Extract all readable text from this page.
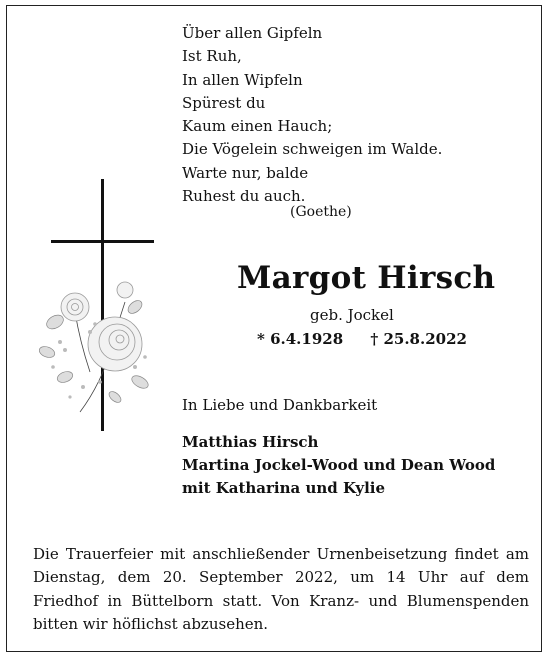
Über allen Gipfeln
Ist Ruh,
In allen Wipfeln
Spürest du
Kaum einen Hauch;
Die Vögelein schweigen im Walde.
Warte nur, balde
Ruhest du auch.
(Goethe)
Margot Hirsch
geb. Jockel
* 6.4.1928 † 25.8.2022
In Liebe und Dankbarkeit
Matthias Hirsch
Martina Jockel-Wood und Dean Wood
mit Katharina und Kylie
Die Trauerfeier mit anschließender Urnenbeisetzung findet am Dienstag, dem 20. September 2022, um 14 Uhr auf dem Friedhof in Büttelborn statt. Von Kranz- und Blumenspenden bitten wir höflichst abzusehen.
